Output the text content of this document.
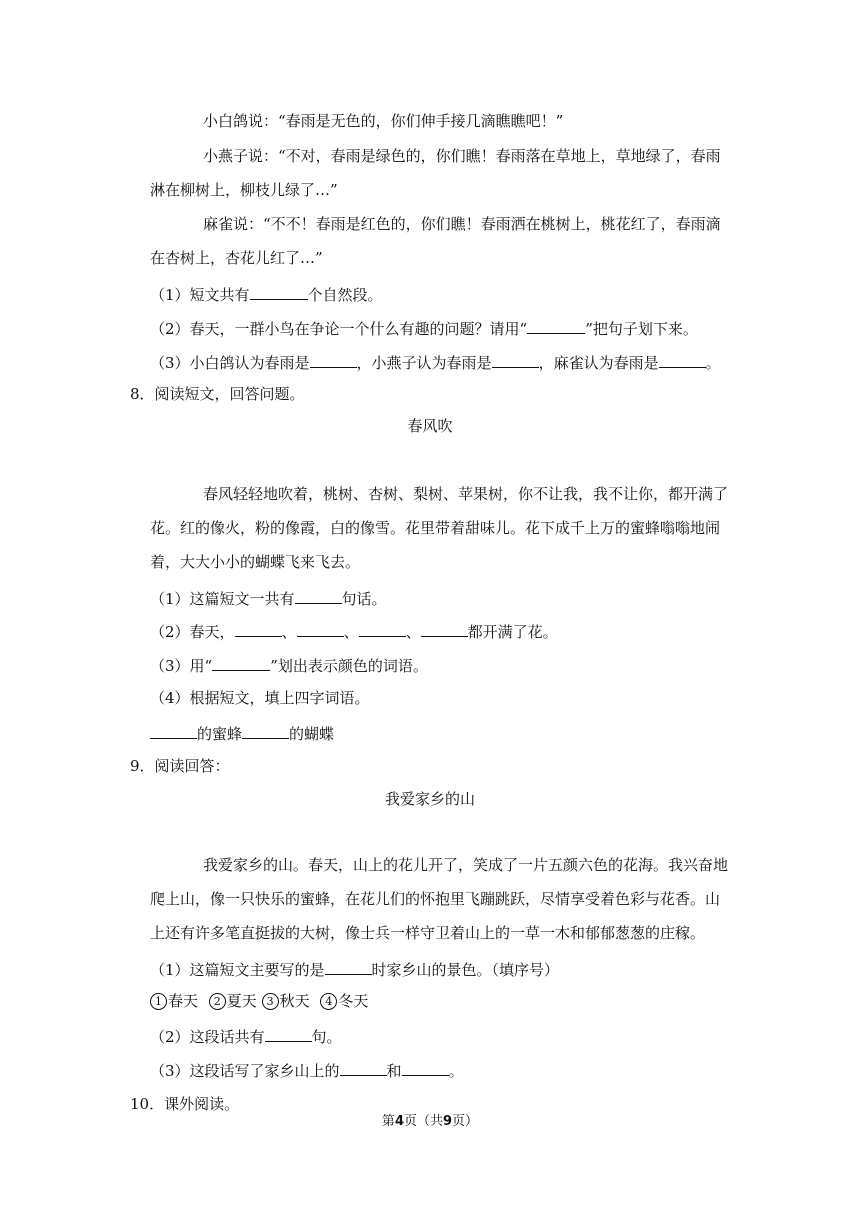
小白鸽说：“春雨是无色的，你们伸手接几滴瞧瞧吧！”
小燕子说：“不对，春雨是绿色的，你们瞧！春雨落在草地上，草地绿了，春雨
淋在柳树上，柳枝儿绿了…”
麻雀说：“不不！春雨是红色的，你们瞧！春雨洒在桃树上，桃花红了，春雨滴
在杏树上，杏花儿红了…”
（1）短文共有	个自然段。
（2）春天，一群小鸟在争论一个什么有趣的问题？请用“	”把句子划下来。
（3）小白鸽认为春雨是	，小燕子认为春雨是	，麻雀认为春雨是	。
8．阅读短文，回答问题。
春风吹
春风轻轻地吹着，桃树、杏树、梨树、苹果树，你不让我，我不让你，都开满了
花。红的像火，粉的像霞，白的像雪。花里带着甜味儿。花下成千上万的蜜蜂嗡嗡地闹
着，大大小小的蝴蝶飞来飞去。
（1）这篇短文一共有	句话。
（2）春天，	、	、	、	都开满了花。
（3）用“	”划出表示颜色的词语。
（4）根据短文，填上四字词语。
的蜜蜂	的蝴蝶
9．阅读回答：
我爱家乡的山
我爱家乡的山。春天，山上的花儿开了，笑成了一片五颜六色的花海。我兴奋地
爬上山，像一只快乐的蜜蜂，在花儿们的怀抱里飞蹦跳跃，尽情享受着色彩与花香。山
上还有许多笔直挺拔的大树，像士兵一样守卫着山上的一草一木和郁郁葱葱的庄稼。
（1）这篇短文主要写的是	时家乡山的景色。（填序号）
1 春天 2 夏天 3 秋天 4 冬天
（2）这段话共有	句。
（3）这段话写了家乡山上的	和	。
10．课外阅读。
第4页（共9页）
